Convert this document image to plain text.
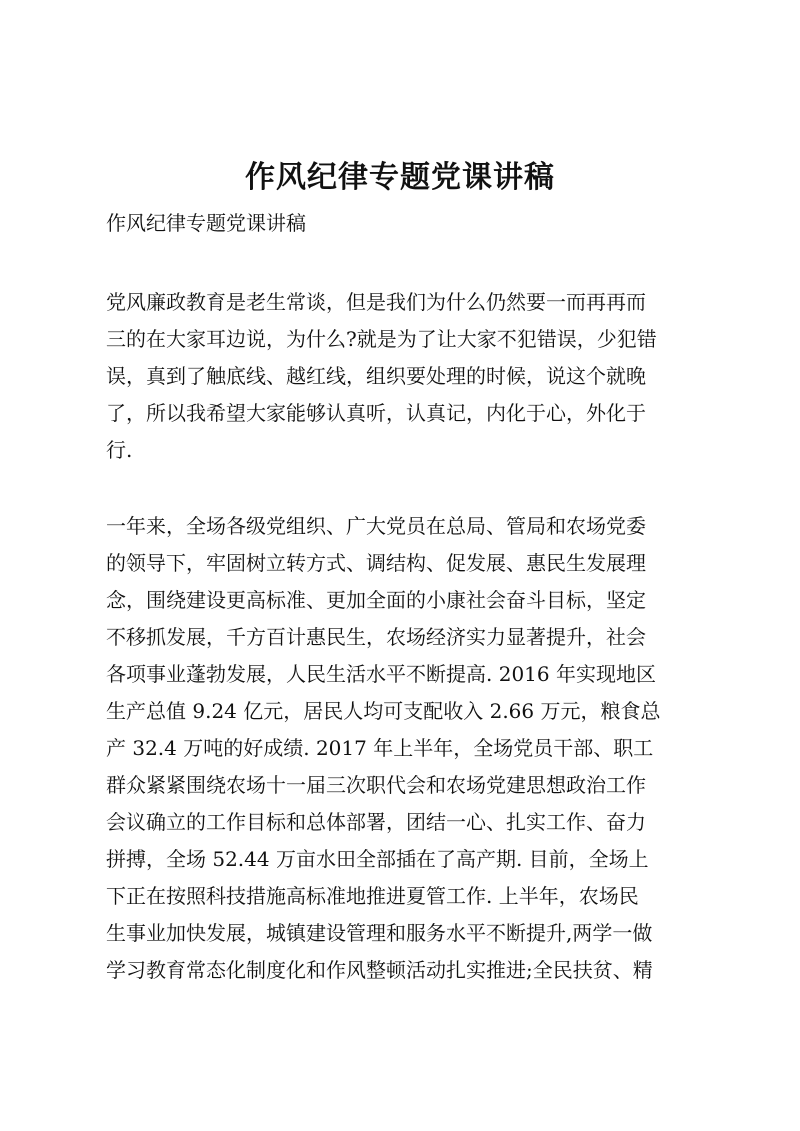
作风纪律专题党课讲稿
作风纪律专题党课讲稿
党风廉政教育是老生常谈，但是我们为什么仍然要一而再再而
三的在大家耳边说，为什么?就是为了让大家不犯错误，少犯错
误，真到了触底线、越红线，组织要处理的时候，说这个就晚
了，所以我希望大家能够认真听，认真记，内化于心，外化于
行.
一年来，全场各级党组织、广大党员在总局、管局和农场党委
的领导下，牢固树立转方式、调结构、促发展、惠民生发展理
念，围绕建设更高标准、更加全面的小康社会奋斗目标，坚定
不移抓发展，千方百计惠民生，农场经济实力显著提升，社会
各项事业蓬勃发展，人民生活水平不断提高. 2016 年实现地区
生产总值 9.24 亿元，居民人均可支配收入 2.66 万元，粮食总
产 32.4 万吨的好成绩. 2017 年上半年，全场党员干部、职工
群众紧紧围绕农场十一届三次职代会和农场党建思想政治工作
会议确立的工作目标和总体部署，团结一心、扎实工作、奋力
拼搏，全场 52.44 万亩水田全部插在了高产期. 目前，全场上
下正在按照科技措施高标准地推进夏管工作. 上半年，农场民
生事业加快发展，城镇建设管理和服务水平不断提升,两学一做
学习教育常态化制度化和作风整顿活动扎实推进;全民扶贫、精
